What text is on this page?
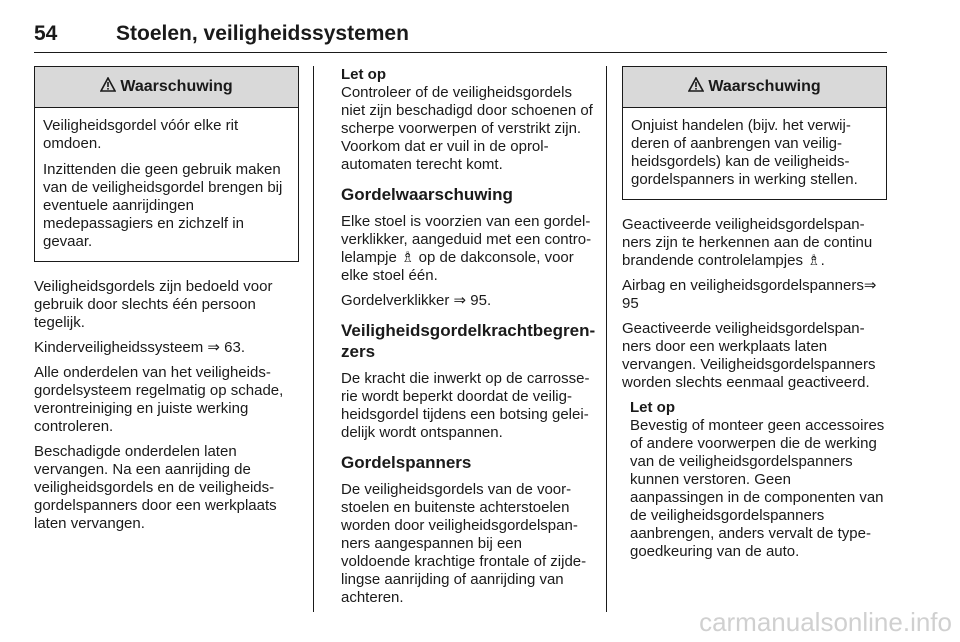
54	Stoelen, veiligheidssystemen
Waarschuwing

Veiligheidsgordel vóór elke rit omdoen.

Inzittenden die geen gebruik maken van de veiligheidsgordel brengen bij eventuele aanrijdingen medepassagiers en zichzelf in gevaar.

Veiligheidsgordels zijn bedoeld voor gebruik door slechts één persoon tegelijk.

Kinderveiligheidssysteem ⇒ 63.

Alle onderdelen van het veiligheidsgordelsysteem regelmatig op schade, verontreiniging en juiste werking controleren.

Beschadigde onderdelen laten vervangen. Na een aanrijding de veiligheidsgordels en de veiligheidsgordelspanners door een werkplaats laten vervangen.

Let op
Controleer of de veiligheidsgordels niet zijn beschadigd door schoenen of scherpe voorwerpen of verstrikt zijn. Voorkom dat er vuil in de oprolautomaten terecht komt.
Gordelwaarschuwing

Elke stoel is voorzien van een gordelverklikker, aangeduid met een controlelampje ♗ op de dakconsole, voor elke stoel één.

Gordelverklikker ⇒ 95.

Veiligheidsgordelkrachtbegrenzers

De kracht die inwerkt op de carrosserie wordt beperkt doordat de veiligheidsgordel tijdens een botsing geleidelijk wordt ontspannen.

Gordelspanners

De veiligheidsgordels van de voorstoelen en buitenste achterstoelen worden door veiligheidsgordelspanners aangespannen bij een voldoende krachtige frontale of zijdelingse aanrijding of aanrijding van achteren.

Waarschuwing

Onjuist handelen (bijv. het verwijderen of aanbrengen van veiligheidsgordels) kan de veiligheidsgordelspanners in werking stellen.

Geactiveerde veiligheidsgordelspanners zijn te herkennen aan de continu brandende controlelampjes ♗.

Airbag en veiligheidsgordelspanners⇒ 95

Geactiveerde veiligheidsgordelspanners door een werkplaats laten vervangen. Veiligheidsgordelspanners worden slechts eenmaal geactiveerd.

Let op
Bevestig of monteer geen accessoires of andere voorwerpen die de werking van de veiligheidsgordelspanners kunnen verstoren. Geen aanpassingen in de componenten van de veiligheidsgordelspanners aanbrengen, anders vervalt de typegoedkeuring van de auto.
carmanualsonline.info
